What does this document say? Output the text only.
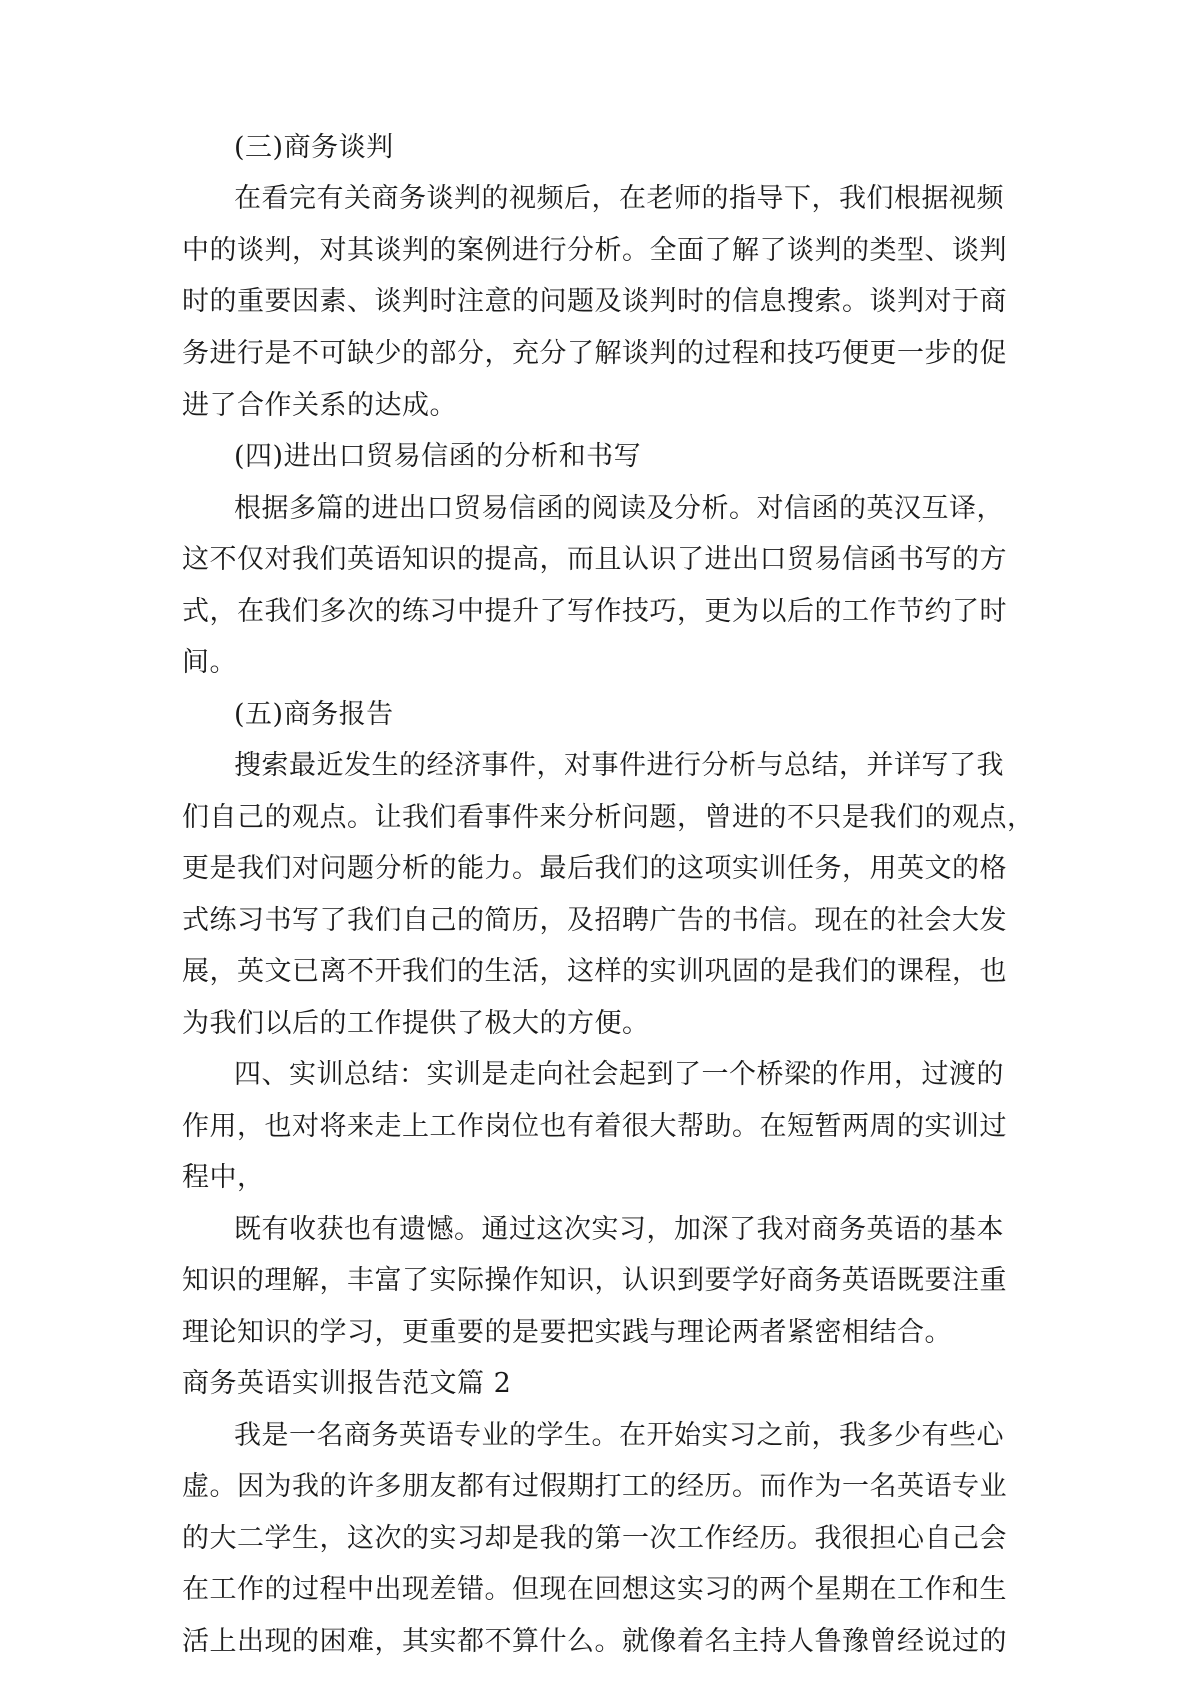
(三)商务谈判
在看完有关商务谈判的视频后，在老师的指导下，我们根据视频
中的谈判，对其谈判的案例进行分析。全面了解了谈判的类型、谈判
时的重要因素、谈判时注意的问题及谈判时的信息搜索。谈判对于商
务进行是不可缺少的部分，充分了解谈判的过程和技巧便更一步的促
进了合作关系的达成。
(四)进出口贸易信函的分析和书写
根据多篇的进出口贸易信函的阅读及分析。对信函的英汉互译，
这不仅对我们英语知识的提高，而且认识了进出口贸易信函书写的方
式，在我们多次的练习中提升了写作技巧，更为以后的工作节约了时
间。
(五)商务报告
搜索最近发生的经济事件，对事件进行分析与总结，并详写了我
们自己的观点。让我们看事件来分析问题，曾进的不只是我们的观点，
更是我们对问题分析的能力。最后我们的这项实训任务，用英文的格
式练习书写了我们自己的简历，及招聘广告的书信。现在的社会大发
展，英文已离不开我们的生活，这样的实训巩固的是我们的课程，也
为我们以后的工作提供了极大的方便。
四、实训总结：实训是走向社会起到了一个桥梁的作用，过渡的
作用，也对将来走上工作岗位也有着很大帮助。在短暂两周的实训过
程中，
既有收获也有遗憾。通过这次实习，加深了我对商务英语的基本
知识的理解，丰富了实际操作知识，认识到要学好商务英语既要注重
理论知识的学习，更重要的是要把实践与理论两者紧密相结合。
商务英语实训报告范文篇 2
我是一名商务英语专业的学生。在开始实习之前，我多少有些心
虚。因为我的许多朋友都有过假期打工的经历。而作为一名英语专业
的大二学生，这次的实习却是我的第一次工作经历。我很担心自己会
在工作的过程中出现差错。但现在回想这实习的两个星期在工作和生
活上出现的困难，其实都不算什么。就像着名主持人鲁豫曾经说过的
